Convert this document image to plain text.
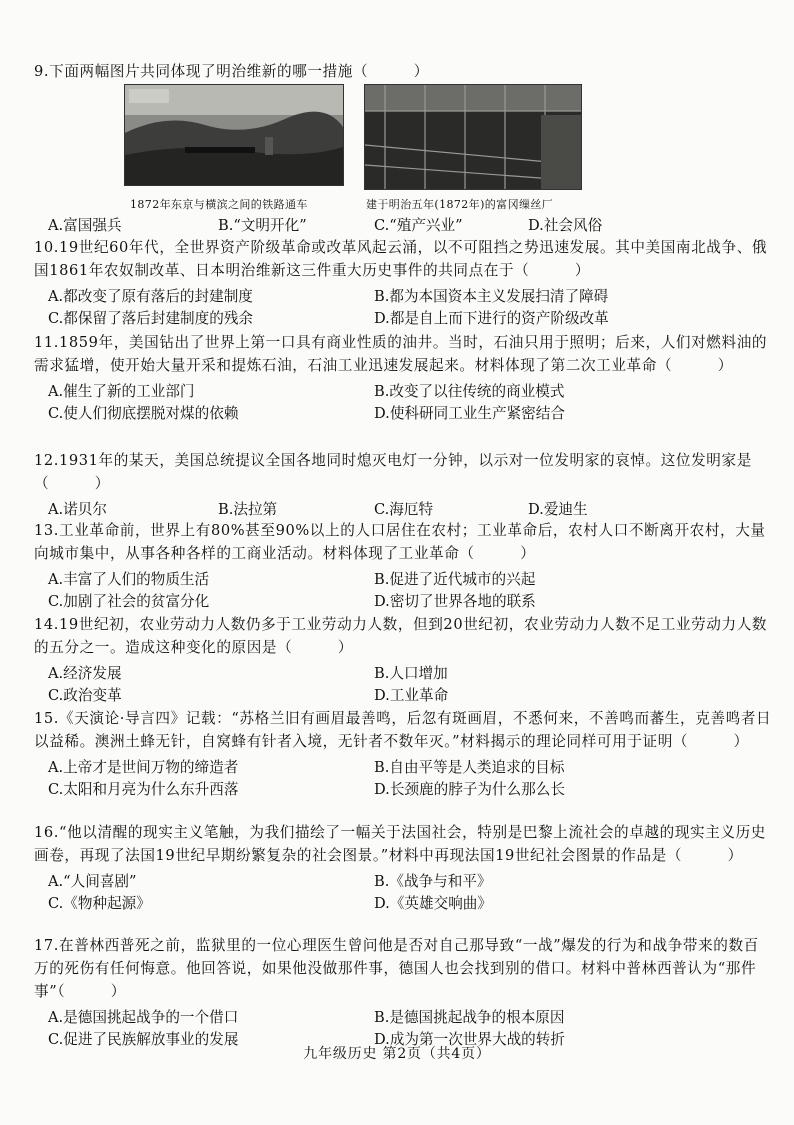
9.下面两幅图片共同体现了明治维新的哪一措施（　　　）
1872年东京与横滨之间的铁路通车	建于明治五年(1872年)的富冈缫丝厂
A.富国强兵	B.“文明开化”	C.“殖产兴业”	D.社会风俗
10.19世纪60年代，全世界资产阶级革命或改革风起云涌，以不可阻挡之势迅速发展。其中美国南北战争、俄国1861年农奴制改革、日本明治维新这三件重大历史事件的共同点在于（　　　）
A.都改变了原有落后的封建制度	B.都为本国资本主义发展扫清了障碍
C.都保留了落后封建制度的残余	D.都是自上而下进行的资产阶级改革
11.1859年，美国钻出了世界上第一口具有商业性质的油井。当时，石油只用于照明；后来，人们对燃料油的需求猛增，使开始大量开采和提炼石油，石油工业迅速发展起来。材料体现了第二次工业革命（　　　）
A.催生了新的工业部门	B.改变了以往传统的商业模式
C.使人们彻底摆脱对煤的依赖	D.使科研同工业生产紧密结合
12.1931年的某天，美国总统提议全国各地同时熄灭电灯一分钟，以示对一位发明家的哀悼。这位发明家是（　　　）
A.诺贝尔	B.法拉第	C.海厄特	D.爱迪生
13.工业革命前，世界上有80%甚至90%以上的人口居住在农村；工业革命后，农村人口不断离开农村，大量向城市集中，从事各种各样的工商业活动。材料体现了工业革命（　　　）
A.丰富了人们的物质生活	B.促进了近代城市的兴起
C.加剧了社会的贫富分化	D.密切了世界各地的联系
14.19世纪初，农业劳动力人数仍多于工业劳动力人数，但到20世纪初，农业劳动力人数不足工业劳动力人数的五分之一。造成这种变化的原因是（　　　）
A.经济发展	B.人口增加
C.政治变革	D.工业革命
15.《天演论·导言四》记载：“苏格兰旧有画眉最善鸣，后忽有斑画眉，不悉何来，不善鸣而蕃生，克善鸣者日以益稀。澳洲土蜂无针，自窝蜂有针者入境，无针者不数年灭。”材料揭示的理论同样可用于证明（　　　）
A.上帝才是世间万物的缔造者	B.自由平等是人类追求的目标
C.太阳和月亮为什么东升西落	D.长颈鹿的脖子为什么那么长
16.“他以清醒的现实主义笔触，为我们描绘了一幅关于法国社会，特别是巴黎上流社会的卓越的现实主义历史画卷，再现了法国19世纪早期纷繁复杂的社会图景。”材料中再现法国19世纪社会图景的作品是（　　　）
A.“人间喜剧”	B.《战争与和平》
C.《物种起源》	D.《英雄交响曲》
17.在普林西普死之前，监狱里的一位心理医生曾问他是否对自己那导致“一战”爆发的行为和战争带来的数百万的死伤有任何悔意。他回答说，如果他没做那件事，德国人也会找到别的借口。材料中普林西普认为“那件事”（　　　）
A.是德国挑起战争的一个借口	B.是德国挑起战争的根本原因
C.促进了民族解放事业的发展	D.成为第一次世界大战的转折
九年级历史 第2页（共4页）
